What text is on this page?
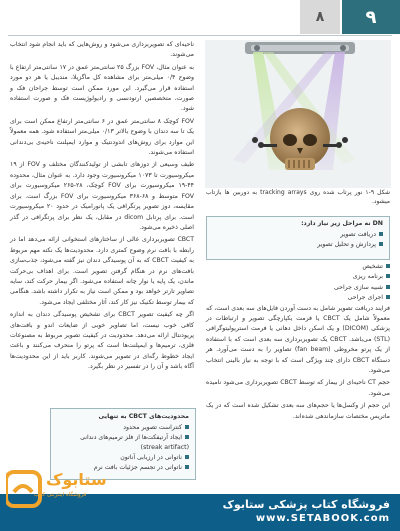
۸	۹

ناحیه‌ای که تصویربرداری می‌شود و روش‌هایی که باید انجام شود انتخاب می‌شوند.

به عنوان مثال، FOV بزرگ ۲۵ سانتی‌متر عمق در ۱۷ سانتی‌متر ارتفاع با وضوح ۰/۴ میلی‌متر برای مشاهده کل ماگزیلا، مندیبل یا هر دو مورد استفاده قرار می‌گیرد. این مورد ممکن است توسط جراحان فک و صورت، متخصصین ارتودنسی و رادیولوژیست فک و صورت استفاده شود.

FOV کوچک ۸ سانتی‌متر عمق در ۶ سانتی‌متر ارتفاع ممکن است برای یک تا سه دندان با وضوح بالاتر ۰/۱۳ میلی‌متر استفاده شود. همه معمولاً این موارد برای روش‌های اندودنتیک و موارد ایمپلنت ناحیه‌ی بی‌دندانی استفاده می‌شوند.

طیف وسیعی از دوزهای تابشی از تولیدکنندگان مختلف و FOV از ۱۹ میکروسیورت تا ۱۰۷۳ میکروسیورت وجود دارد. به عنوان مثال، محدوده ۴۴-۱۹ میکروسیورت برای FOV کوچک، ۲۸-۲۶۵ میکروسیورت برای FOV متوسط و ۶۸-۳۶۸ میکروسیورت برای FOV بزرگ است. برای مقایسه، دوز تصویر پرتگرافی یک پانورامیک در حدود ۲۰ میکروسیورت است. برای پرتابل dicom در مقابل، یک نظر برای پرتگرافی در گذر اصلی ذخیره می‌شود.

CBCT تصویربرداری عالی از ساختارهای استخوانی ارائه می‌دهد اما در رابطه با بافت نرم وضوح کمتری دارد. محدودیت‌ها یک نکته مهم مربوط به کیفیت CBCT که به آن پوسیدگی دندان نیز گفته می‌شود، جذب‌سازی بافت‌های نرم در هنگام گرفتن تصویر است. برای اهداف بی‌حرکت ماندن، یک پایه یا نوار چانه استفاده می‌شود. اگر بیمار حرکت کند، سایه تصاویر تارتر خواهد بود و ممکن است نیاز به تکرار داشته باشد. هنگامی که بیمار توسط تکنیک نیز کار کند، آثار مختلفی ایجاد می‌شود.

اگر چه کیفیت تصویر CBCT برای تشخیص پوسیدگی دندان به اندازه کافی خوب نیست، اما تصاویر خوبی از ضایعات اندو و بافت‌های پریودنتال ارائه می‌دهد. محدودیت در کیفیت تصویر مربوط به مصنوعات فلزی، ترمیم‌ها و ایمپلنت‌ها است که پرتو را منحرف می‌کنند و باعث ایجاد خطوط رگه‌ای در تصویر می‌شوند. کاربر باید از این محدودیت‌ها آگاه باشد و آن را در تفسیر در نظر بگیرد.

محدودیت‌های CBCT به تنهایی
کنتراست تصویر محدود
ایجاد آرتیفکت‌ها از فلز ترمیم‌های دندانی (streak artifact)
ناتوانی در ارزیابی آناتون
ناتوانی در تجسم جزئیات بافت نرم
شکل ۹-۱ نور پرتاب شده روی tracking arrays به دوربین ها بازتاب میشود.
DN نه مراحل زیر نیاز دارد:
دریافت تصویر
پردازش و تحلیل تصویر
تشخیص
برنامه ریزی
شبیه سازی جراحی
اجرای جراحی

فرایند دریافت تصویر شامل به دست آوردن فایل‌های سه بعدی است، که معمولاً شامل یک CBCT یا فرمت یکپارچگی تصویر و ارتباطات در پزشکی (DICOM) و یک اسکن داخل دهانی یا فرمت استریولیتوگرافی (STL) می‌باشد. CBCT یک تصویربرداری سه بعدی است که با استفاده از یک پرتو مخروطی (fan beam) تصاویر را به دست می‌آورد. هر دستگاه CBCT دارای چند ویژگی است که با توجه به نیاز بالینی انتخاب می‌شود.

حجم CT ناحیه‌ای از بیمار که توسط CBCT تصویربرداری می‌شود نامیده می‌شود.

این حجم از وکسل‌ها یا حجم‌های سه بعدی تشکیل شده است که در یک ماتریس مختصات سازماندهی شده‌اند.

فروشگاه کتاب پزشکی ستابوک
www.SETABOOK.com
ستابوک
فروشگاه اینترنتی کتاب
